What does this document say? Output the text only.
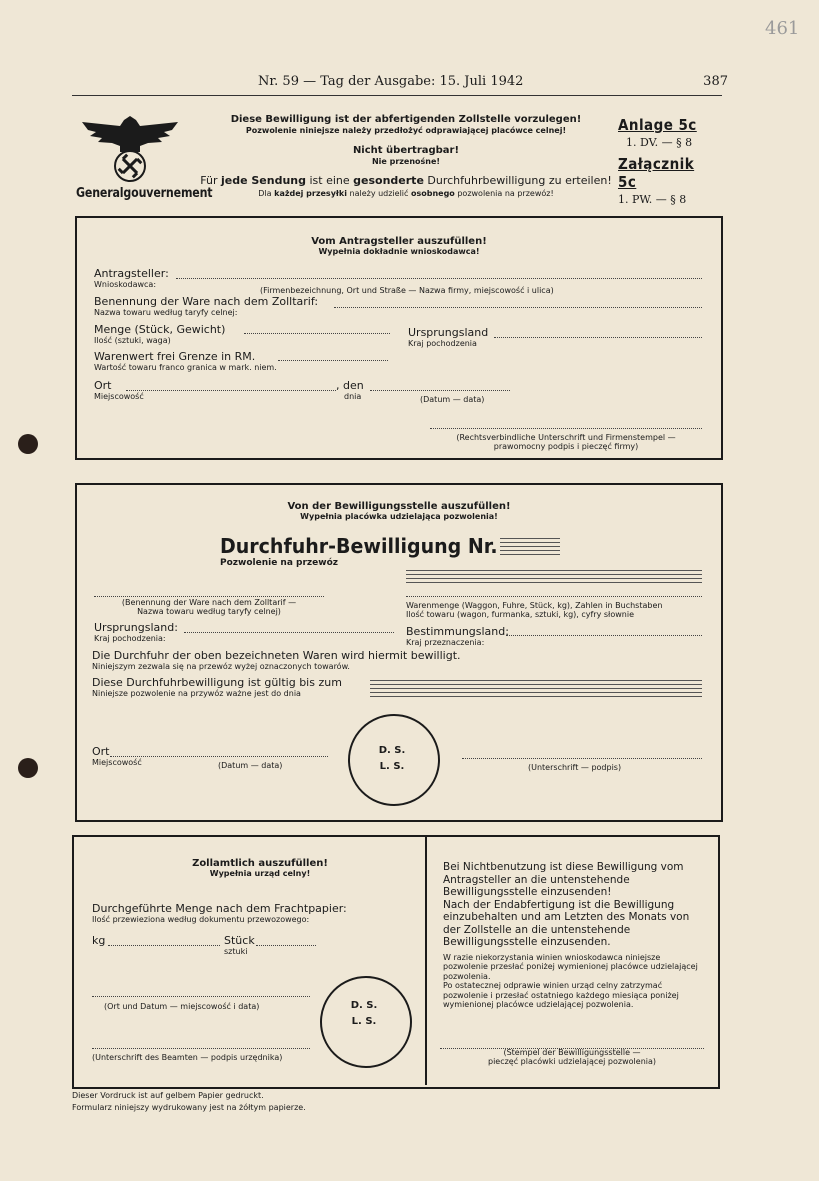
461
Nr. 59 — Tag der Ausgabe: 15. Juli 1942	387
Generalgouvernement
Diese Bewilligung ist der abfertigenden Zollstelle vorzulegen!
Pozwolenie niniejsze należy przedłożyć odprawiającej placówce celnej!
Nicht übertragbar!
Nie przenośne!
Für jede Sendung ist eine gesonderte Durchfuhrbewilligung zu erteilen!
Dla każdej przesyłki należy udzielić osobnego pozwolenia na przewóz!
Anlage 5c
1. DV. — § 8
Załącznik 5c
1. PW. — § 8
Vom Antragsteller auszufüllen!
Wypełnia dokładnie wnioskodawca!
Antragsteller:
Wnioskodawca:
(Firmenbezeichnung, Ort und Straße — Nazwa firmy, miejscowość i ulica)
Benennung der Ware nach dem Zolltarif:
Nazwa towaru według taryfy celnej:
Menge (Stück, Gewicht)
Ilość (sztuki, waga)
Ursprungsland
Kraj pochodzenia
Warenwert frei Grenze in RM.
Wartość towaru franco granica w mark. niem.
Ort
Miejscowość
, den
dnia	(Datum — data)
(Rechtsverbindliche Unterschrift und Firmenstempel —
prawomocny podpis i pieczęć firmy)
Von der Bewilligungsstelle auszufüllen!
Wypełnia placówka udzielająca pozwolenia!
Durchfuhr-Bewilligung Nr.
Pozwolenie na przewóz
(Benennung der Ware nach dem Zolltarif —
Nazwa towaru według taryfy celnej)
Warenmenge (Waggon, Fuhre, Stück, kg), Zahlen in Buchstaben
Ilość towaru (wagon, furmanka, sztuki, kg), cyfry słownie
Ursprungsland:
Kraj pochodzenia:
Bestimmungsland:
Kraj przeznaczenia:
Die Durchfuhr der oben bezeichneten Waren wird hiermit bewilligt.
Niniejszym zezwala się na przewóz wyżej oznaczonych towarów.
Diese Durchfuhrbewilligung ist gültig bis zum
Niniejsze pozwolenie na przywóz ważne jest do dnia
Ort
Miejscowość	(Datum — data)
D. S.
L. S.	(Unterschrift — podpis)
Zollamtlich auszufüllen!
Wypełnia urząd celny!
Durchgeführte Menge nach dem Frachtpapier:
Ilość przewieziona według dokumentu przewozowego:
kg	Stück
sztuki
(Ort und Datum — miejscowość i data)	D. S.
L. S.
(Unterschrift des Beamten — podpis urzędnika)
Bei Nichtbenutzung ist diese Bewilligung vom Antragsteller an die untenstehende Bewilligungsstelle einzusenden!
Nach der Endabfertigung ist die Bewilligung einzubehalten und am Letzten des Monats von der Zollstelle an die untenstehende Bewilligungsstelle einzusenden.
W razie niekorzystania winien wnioskodawca niniejsze pozwolenie przesłać poniżej wymienionej placówce udzielającej pozwolenia.
Po ostatecznej odprawie winien urząd celny zatrzymać pozwolenie i przesłać ostatniego każdego miesiąca poniżej wymienionej placówce udzielającej pozwolenia.
(Stempel der Bewilligungsstelle —
pieczęć placówki udzielającej pozwolenia)
Dieser Vordruck ist auf gelbem Papier gedruckt.
Formularz niniejszy wydrukowany jest na żółtym papierze.
